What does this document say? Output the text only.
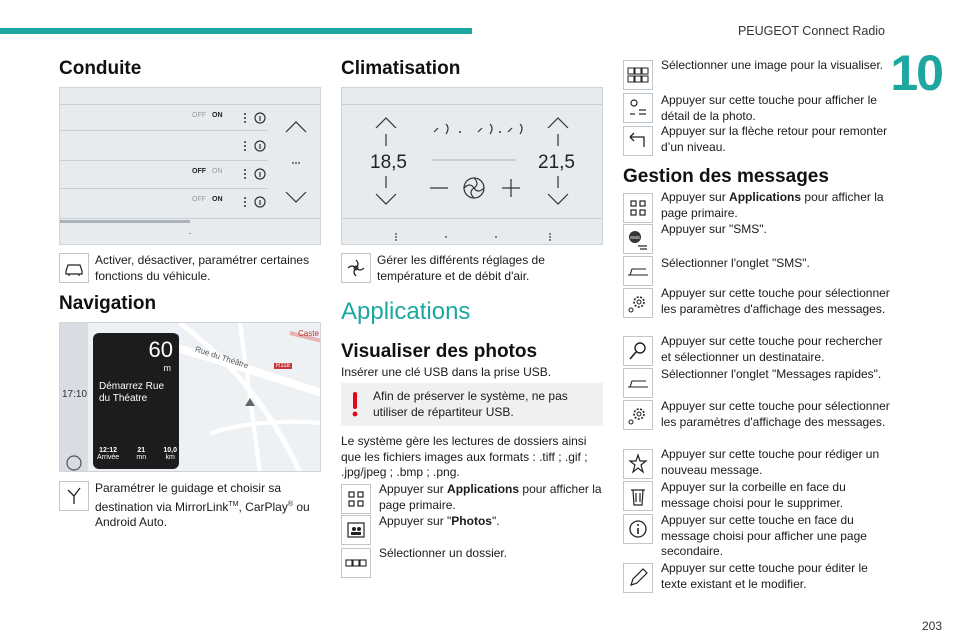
PEUGEOT Connect Radio
10
203
Conduite
OFF ON
OFF ON
OFF ON
·
Activer, désactiver, paramétrer certaines fonctions du véhicule.
Navigation
17:10
Rue du Théâtre	R118
Caste
60
m
Démarrez Rue du Théatre
12:12
Arrivée
21
mn
10,0
km
Paramétrer le guidage et choisir sa destination via MirrorLink™, CarPlay® ou Android Auto.
Climatisation
18,5	21,5
Gérer les différents réglages de température et de débit d'air.
Applications
Visualiser des photos
Insérer une clé USB dans la prise USB.
Afin de préserver le système, ne pas utiliser de répartiteur USB.
Le système gère les lectures de dossiers ainsi que les fichiers images aux formats : .tiff ; .gif ; .jpg/jpeg ; .bmp ; .png.
Appuyer sur Applications pour afficher la page primaire.
Appuyer sur "Photos".
Sélectionner un dossier.
Sélectionner une image pour la visualiser.
Appuyer sur cette touche pour afficher le détail de la photo.
Appuyer sur la flèche retour pour remonter d’un niveau.
Gestion des messages
Appuyer sur Applications pour afficher la page primaire.
SMS
Appuyer sur "SMS".
Sélectionner l'onglet "SMS".
Appuyer sur cette touche pour sélectionner les paramètres d'affichage des messages.
Appuyer sur cette touche pour rechercher et sélectionner un destinataire.
Sélectionner l'onglet "Messages rapides".
Appuyer sur cette touche pour sélectionner les paramètres d'affichage des messages.
Appuyer sur cette touche pour rédiger un nouveau message.
Appuyer sur la corbeille en face du message choisi pour le supprimer.
Appuyer sur cette touche en face du message choisi pour afficher une page secondaire.
Appuyer sur cette touche pour éditer le texte existant et le modifier.
